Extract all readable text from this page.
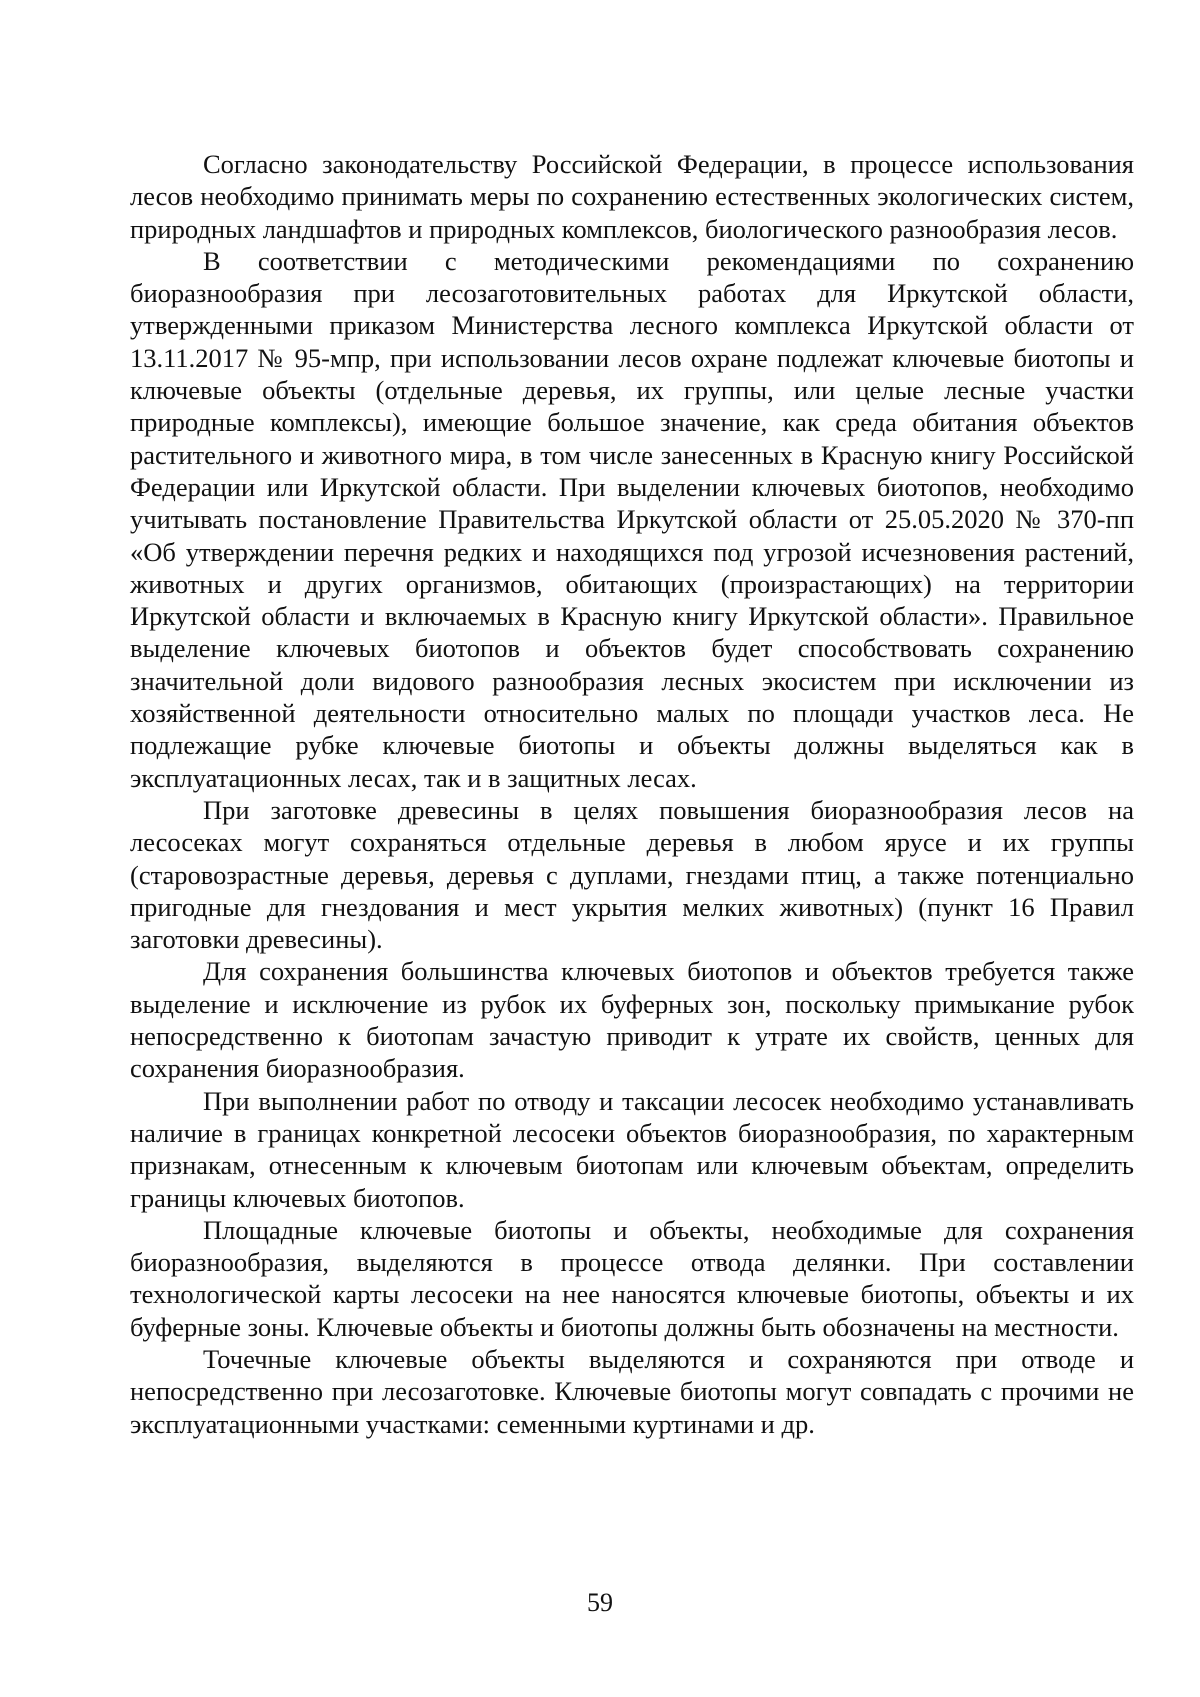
Согласно законодательству Российской Федерации, в процессе использования лесов необходимо принимать меры по сохранению естественных экологических систем, природных ландшафтов и природных комплексов, биологического разнообразия лесов.

В соответствии с методическими рекомендациями по сохранению биоразнообразия при лесозаготовительных работах для Иркутской области, утвержденными приказом Министерства лесного комплекса Иркутской области от 13.11.2017 № 95-мпр, при использовании лесов охране подлежат ключевые биотопы и ключевые объекты (отдельные деревья, их группы, или целые лесные участки природные комплексы), имеющие большое значение, как среда обитания объектов растительного и животного мира, в том числе занесенных в Красную книгу Российской Федерации или Иркутской области. При выделении ключевых биотопов, необходимо учитывать постановление Правительства Иркутской области от 25.05.2020 № 370-пп «Об утверждении перечня редких и находящихся под угрозой исчезновения растений, животных и других организмов, обитающих (произрастающих) на территории Иркутской области и включаемых в Красную книгу Иркутской области». Правильное выделение ключевых биотопов и объектов будет способствовать сохранению значительной доли видового разнообразия лесных экосистем при исключении из хозяйственной деятельности относительно малых по площади участков леса. Не подлежащие рубке ключевые биотопы и объекты должны выделяться как в эксплуатационных лесах, так и в защитных лесах.

При заготовке древесины в целях повышения биоразнообразия лесов на лесосеках могут сохраняться отдельные деревья в любом ярусе и их группы (старовозрастные деревья, деревья с дуплами, гнездами птиц, а также потенциально пригодные для гнездования и мест укрытия мелких животных) (пункт 16 Правил заготовки древесины).

Для сохранения большинства ключевых биотопов и объектов требуется также выделение и исключение из рубок их буферных зон, поскольку примыкание рубок непосредственно к биотопам зачастую приводит к утрате их свойств, ценных для сохранения биоразнообразия.

При выполнении работ по отводу и таксации лесосек необходимо устанавливать наличие в границах конкретной лесосеки объектов биоразнообразия, по характерным признакам, отнесенным к ключевым биотопам или ключевым объектам, определить границы ключевых биотопов.

Площадные ключевые биотопы и объекты, необходимые для сохранения биоразнообразия, выделяются в процессе отвода делянки. При составлении технологической карты лесосеки на нее наносятся ключевые биотопы, объекты и их буферные зоны. Ключевые объекты и биотопы должны быть обозначены на местности.

Точечные ключевые объекты выделяются и сохраняются при отводе и непосредственно при лесозаготовке. Ключевые биотопы могут совпадать с прочими не эксплуатационными участками: семенными куртинами и др.

59
